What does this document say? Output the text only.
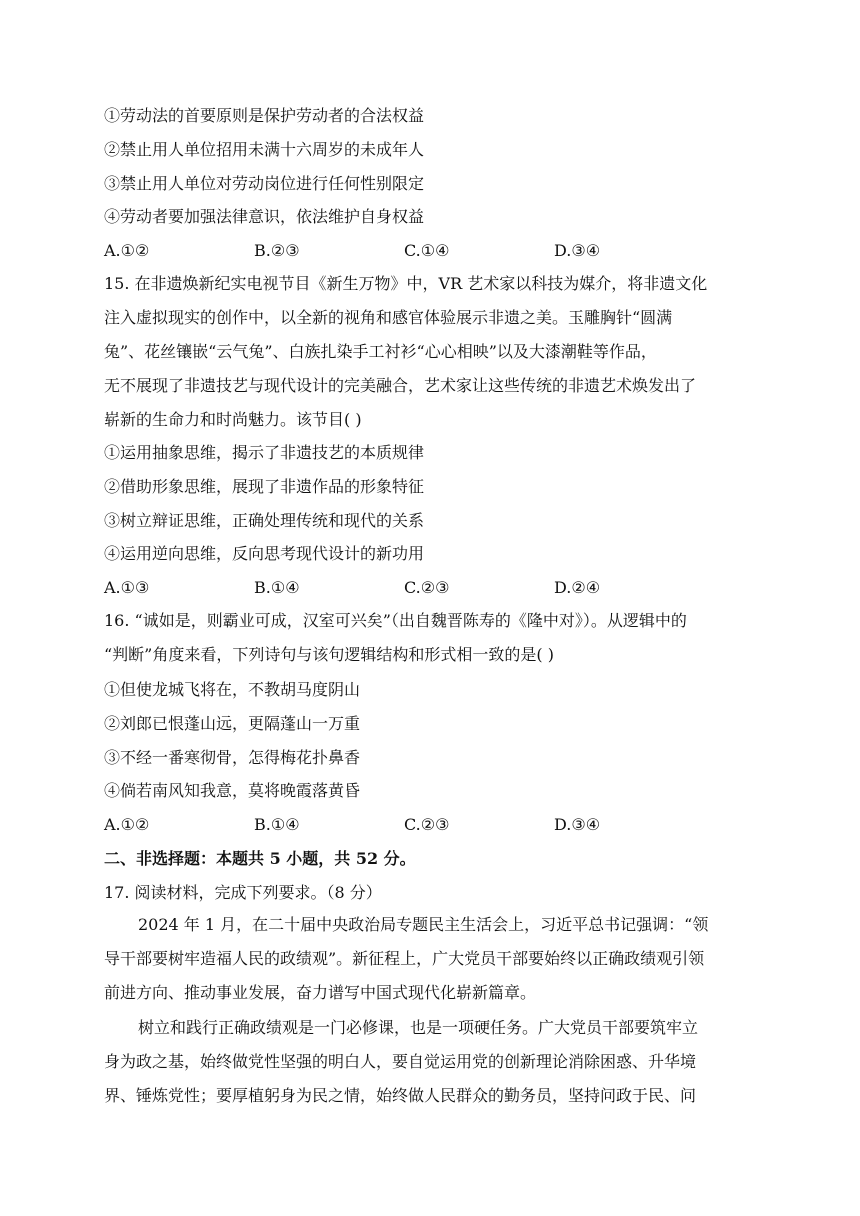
①劳动法的首要原则是保护劳动者的合法权益
②禁止用人单位招用未满十六周岁的未成年人
③禁止用人单位对劳动岗位进行任何性别限定
④劳动者要加强法律意识，依法维护自身权益
A.①②	B.②③	C.①④	D.③④
15. 在非遗焕新纪实电视节目《新生万物》中，VR 艺术家以科技为媒介，将非遗文化
注入虚拟现实的创作中，以全新的视角和感官体验展示非遗之美。玉雕胸针“圆满
兔”、花丝镶嵌“云气兔”、白族扎染手工衬衫“心心相映”以及大漆潮鞋等作品，
无不展现了非遗技艺与现代设计的完美融合，艺术家让这些传统的非遗艺术焕发出了
崭新的生命力和时尚魅力。该节目( )
①运用抽象思维，揭示了非遗技艺的本质规律
②借助形象思维，展现了非遗作品的形象特征
③树立辩证思维，正确处理传统和现代的关系
④运用逆向思维，反向思考现代设计的新功用
A.①③	B.①④	C.②③	D.②④
16. “诚如是，则霸业可成，汉室可兴矣”（出自魏晋陈寿的《隆中对》）。从逻辑中的
“判断”角度来看，下列诗句与该句逻辑结构和形式相一致的是( )
①但使龙城飞将在，不教胡马度阴山
②刘郎已恨蓬山远，更隔蓬山一万重
③不经一番寒彻骨，怎得梅花扑鼻香
④倘若南风知我意，莫将晚霞落黄昏
A.①②	B.①④	C.②③	D.③④
二、非选择题：本题共 5 小题，共 52 分。
17. 阅读材料，完成下列要求。（8 分）
2024 年 1 月，在二十届中央政治局专题民主生活会上，习近平总书记强调：“领
导干部要树牢造福人民的政绩观”。新征程上，广大党员干部要始终以正确政绩观引领
前进方向、推动事业发展，奋力谱写中国式现代化崭新篇章。
树立和践行正确政绩观是一门必修课，也是一项硬任务。广大党员干部要筑牢立
身为政之基，始终做党性坚强的明白人，要自觉运用党的创新理论消除困惑、升华境
界、锤炼党性；要厚植躬身为民之情，始终做人民群众的勤务员，坚持问政于民、问
